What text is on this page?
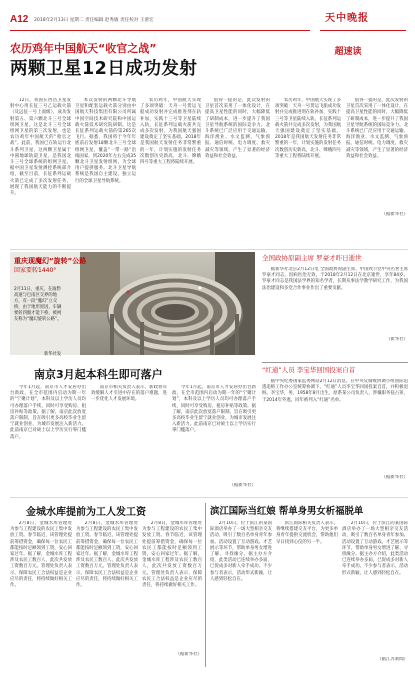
A12 2018年2月13日 星期二 责任编辑 赵秀敏 责任校对 王蕾宏	天中晚报
超速读
农历鸡年中国航天“收官之战”
两颗卫星12日成功发射
12日，我国在西昌卫星发射中心用长征三号乙运载火箭（及远征一号上面级），成功发射第五、第六颗北斗三号全球组网卫星。这是北斗三号全球组网卫星的第三次发射，也是农历鸡年中国航天的“收官之战”。此前，我国已在轨运行北斗系列卫星，这两颗卫星属于中圆地球轨道卫星，是我国北斗三号全球系统的组网卫星。据中国卫星发射测控系统部介绍，截至目前，长征系列运载火箭已完成了多次发射任务，展现了我国航天能力的不断提升。
本次发射的两颗北斗导航卫星和配套运载火箭分别由中国航天科技集团有限公司所属中国空间技术研究院和中国运载火箭技术研究院研制。这是长征系列运载火箭的第265次飞行。据悉，我国将于今年年底前后发射18颗北斗三号全球组网卫星，覆盖“一带一路”沿线国家，到2020年左右完成35颗北斗卫星发射组网，为全球用户提供服务。北斗卫星导航系统是我国自主建设、独立运行的全球卫星导航系统。
农历鸡年，中国航天实现了多项突破：天舟一号货运飞船成功发射并完成推进剂在轨补加，实践十三号等卫星陆续入轨，长征系列运载火箭共完成多次发射，为我国航天强国建设奠定了坚实基础。2018年是我国航天发射任务非常繁重的一年，计划实施的发射任务次数创历史新高，北斗、嫦娥四号等重大工程将陆续开展。
值得一提的是，此次发射的卫星首次采用了一体化设计，在提高卫星性能的同时，大幅降低了研制成本，进一步提升了我国卫星导航系统的国际竞争力。北斗系统已广泛应用于交通运输、海洋渔业、水文监测、气象预报、通信时统、电力调度、救灾减灾等领域，产生了显著的经济效益和社会效益。
农历鸡年，中国航天实现了多项突破：天舟一号货运飞船成功发射并完成推进剂在轨补加，实践十三号等卫星陆续入轨，长征系列运载火箭共完成多次发射，为我国航天强国建设奠定了坚实基础。2018年是我国航天发射任务非常繁重的一年，计划实施的发射任务次数创历史新高，北斗、嫦娥四号等重大工程将陆续开展。
值得一提的是，此次发射的卫星首次采用了一体化设计，在提高卫星性能的同时，大幅降低了研制成本，进一步提升了我国卫星导航系统的国际竞争力。北斗系统已广泛应用于交通运输、海洋渔业、水文监测、气象预报、通信时统、电力调度、救灾减灾等领域，产生了显著的经济效益和社会效益。
（据新华社）
重庆现魔幻“旋转”公路
回家要转1440°
2月11日，重庆，在渝黔高速与巴南区交界的地方，有一段“魔幻”立交桥，由于地形原因，车辆要转四圈才能下桥，被网友称为“魔幻旋转公路”。
新华社发
全国政协原副主席 罗豪才昨日逝世
据新华社北京2月12日电 全国政协原副主席、中国致公党中央名誉主席罗豪才同志，因病医治无效，于2018年2月12日在北京逝世，享年84岁。罗豪才同志是我国法学界的知名学者，长期从事法学教学研究工作，为我国法治建设和多党合作事业作出了重要贡献。
（新华社）
“红通”人员 李宝华回国投案自首
据中央纪委国家监委网站2月12日消息，在中央反腐败协调小组国际追逃追赃工作办公室统筹协调下，“红通”人员李宝华回国投案自首，并积极退赃。李宝华，男，1958年8月出生，原系某公司负责人，涉嫌职务侵占罪，于2014年外逃，同年被列入“红通”名单。
（据新华社）
南京3月起本科生即可落户
今年1月起，南京市人才安居办出台新政，在全市范围内启动为期一年的“宁聚计划”，本科及以上学历人员均可办理落户手续，同时可享受购房、租房补贴等政策。据了解，南京此次放宽落户限制，旨在吸引更多高校毕业生留宁就业创业，为城市发展注入新活力。此前南京已对硕士以上学历实行零门槛落户。
南京市相关负责人表示，新政将有效缓解人才引进中存在的落户难题，进一步优化人才发展环境。
今年1月起，南京市人才安居办出台新政，在全市范围内启动为期一年的“宁聚计划”，本科及以上学历人员均可办理落户手续，同时可享受购房、租房补贴等政策。据了解，南京此次放宽落户限制，旨在吸引更多高校毕业生留宁就业创业，为城市发展注入新活力。此前南京已对硕士以上学历实行零门槛落户。
（据新华社）
金城水库提前为工人发工资
2月8日，金城水库管理处为参与工程建设的农民工集中发放工资。春节临近，该管理处提前筹措资金，确保每一位农民工都能按时足额领到工资，安心回家过年。据了解，金城水库工程涉及农民工数百人，此次共发放工资数百万元。管理处负责人表示，保障农民工合法权益是企业应尽的责任，将持续做好相关工作。
2月8日，金城水库管理处为参与工程建设的农民工集中发放工资。春节临近，该管理处提前筹措资金，确保每一位农民工都能按时足额领到工资，安心回家过年。据了解，金城水库工程涉及农民工数百人，此次共发放工资数百万元。管理处负责人表示，保障农民工合法权益是企业应尽的责任，将持续做好相关工作。
2月8日，金城水库管理处为参与工程建设的农民工集中发放工资。春节临近，该管理处提前筹措资金，确保每一位农民工都能按时足额领到工资，安心回家过年。据了解，金城水库工程涉及农民工数百人，此次共发放工资数百万元。管理处负责人表示，保障农民工合法权益是企业应尽的责任，将持续做好相关工作。
（据新华社）
滨江国际当红娘 帮单身男女析福脱单
2月10日，位于滨江的某国际酒店举办了一场大型相亲交友活动，吸引了数百名单身青年参加。活动设置了互动游戏、才艺展示等环节，帮助单身男女增进了解、寻找缘分。据主办方介绍，此类活动已连续举办多届，已促成多对新人牵手成功。不少参与者表示，活动形式新颖，让人感到轻松自在。
滨江国际相关负责人表示，将继续搭建交友平台，为更多单身青年提供交流机会，帮助他们早日找到心仪的另一半。
2月10日，位于滨江的某国际酒店举办了一场大型相亲交友活动，吸引了数百名单身青年参加。活动设置了互动游戏、才艺展示等环节，帮助单身男女增进了解、寻找缘分。据主办方介绍，此类活动已连续举办多届，已促成多对新人牵手成功。不少参与者表示，活动形式新颖，让人感到轻松自在。
（据江苏新闻）
